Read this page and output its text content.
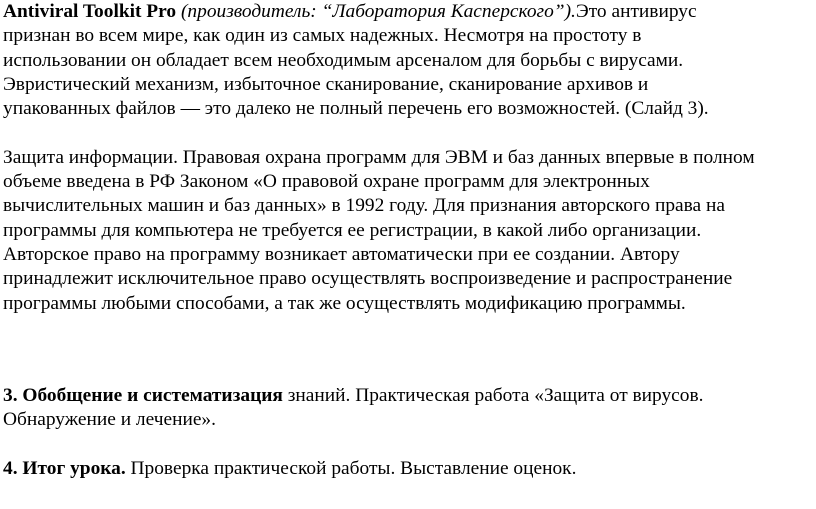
Antiviral Toolkit Pro (производитель: “Лаборатория Касперского”).Это антивирус
признан во всем мире, как один из самых надежных. Несмотря на простоту в
использовании он обладает всем необходимым арсеналом для борьбы с вирусами.
Эвристический механизм, избыточное сканирование, сканирование архивов и
упакованных файлов — это далеко не полный перечень его возможностей. (Слайд 3).

Защита информации. Правовая охрана программ для ЭВМ и баз данных впервые в полном
объеме введена в РФ Законом «О правовой охране программ для электронных
вычислительных машин и баз данных» в 1992 году. Для признания авторского права на
программы для компьютера не требуется ее регистрации, в какой либо организации.
Авторское право на программу возникает автоматически при ее создании. Автору
принадлежит исключительное право осуществлять воспроизведение и распространение
программы любыми способами, а так же осуществлять модификацию программы.

3. Обобщение и систематизация знаний. Практическая работа «Защита от вирусов.
Обнаружение и лечение».

4. Итог урока. Проверка практической работы. Выставление оценок.
